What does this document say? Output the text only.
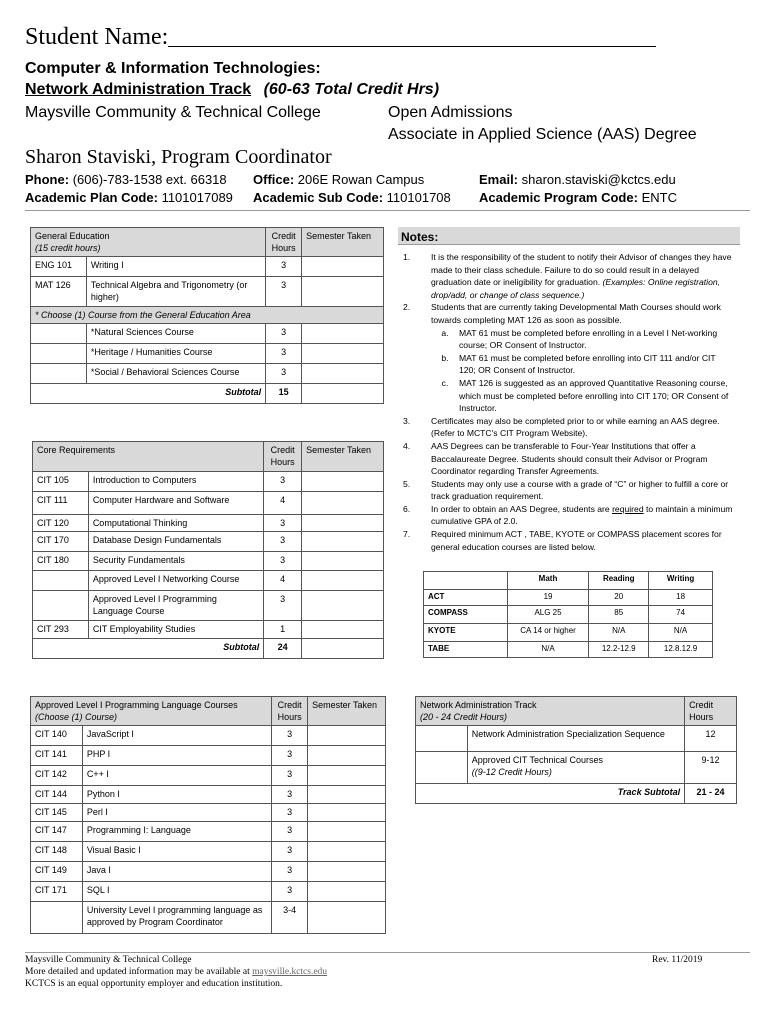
Student Name:
Computer & Information Technologies:
Network Administration Track (60-63 Total Credit Hrs)
Maysville Community & Technical College	Open Admissions
Associate in Applied Science (AAS) Degree
Sharon Staviski, Program Coordinator
Phone: (606)-783-1538 ext. 66318 Office: 206E Rowan Campus	Email: sharon.staviski@kctcs.edu
Academic Plan Code: 1101017089 Academic Sub Code: 110101708 Academic Program Code: ENTC
General Education
(15 credit hours)		Credit Hours	Semester Taken
ENG 101	Writing I	3	
MAT 126	Technical Algebra and Trigonometry (or higher)	3	
* Choose (1) Course from the General Education Area			
	*Natural Sciences Course	3	
	*Heritage / Humanities Course	3	
	*Social / Behavioral Sciences Course	3	
Subtotal		15	
Core Requirements		Credit Hours	Semester Taken
CIT 105	Introduction to Computers	3	
CIT 111	Computer Hardware and Software	4	
CIT 120	Computational Thinking	3	
CIT 170	Database Design Fundamentals	3	
CIT 180	Security Fundamentals	3	
	Approved Level I Networking Course	4	
	Approved Level I Programming Language Course	3	
CIT 293	CIT Employability Studies	1	
Subtotal		24	
Notes:
1.	It is the responsibility of the student to notify their Advisor of changes they have made to their class schedule. Failure to do so could result in a delayed graduation date or ineligibility for graduation. (Examples: Online registration, drop/add, or change of class sequence.)
2.	Students that are currently taking Developmental Math Courses should work towards completing MAT 126 as soon as possible.
a.	MAT 61 must be completed before enrolling in a Level I Net-working course; OR Consent of Instructor.
b.	MAT 61 must be completed before enrolling into CIT 111 and/or CIT 120; OR Consent of Instructor.
c.	MAT 126 is suggested as an approved Quantitative Reasoning course, which must be completed before enrolling into CIT 170; OR Consent of Instructor.
3.	Certificates may also be completed prior to or while earning an AAS degree. (Refer to MCTC's CIT Program Website).
4.	AAS Degrees can be transferable to Four-Year Institutions that offer a Baccalaureate Degree. Students should consult their Advisor or Program Coordinator regarding Transfer Agreements.
5.	Students may only use a course with a grade of “C” or higher to fulfill a core or track graduation requirement.
6.	In order to obtain an AAS Degree, students are required to maintain a minimum cumulative GPA of 2.0.
7.	Required minimum ACT , TABE, KYOTE or COMPASS placement scores for general education courses are listed below.
	Math	Reading	Writing
ACT	19	20	18
COMPASS	ALG 25	85	74
KYOTE	CA 14 or higher	N/A	N/A
TABE	N/A	12.2-12.9	12.8.12.9
Approved Level I Programming Language Courses
(Choose (1) Course)		Credit Hours	Semester Taken
CIT 140	JavaScript I	3	
CIT 141	PHP I	3	
CIT 142	C++ I	3	
CIT 144	Python I	3	
CIT 145	Perl I	3	
CIT 147	Programming I: Language	3	
CIT 148	Visual Basic I	3	
CIT 149	Java I	3	
CIT 171	SQL I	3	
	University Level I programming language as approved by Program Coordinator	3-4	
Network Administration Track
(20 - 24 Credit Hours)		Credit Hours
	Network Administration Specialization Sequence	12

	Approved CIT Technical Courses
((9-12 Credit Hours)	9-12
Track Subtotal		21 - 24
Maysville Community & Technical College
More detailed and updated information may be available at maysville.kctcs.edu
KCTCS is an equal opportunity employer and education institution.
Rev. 11/2019
